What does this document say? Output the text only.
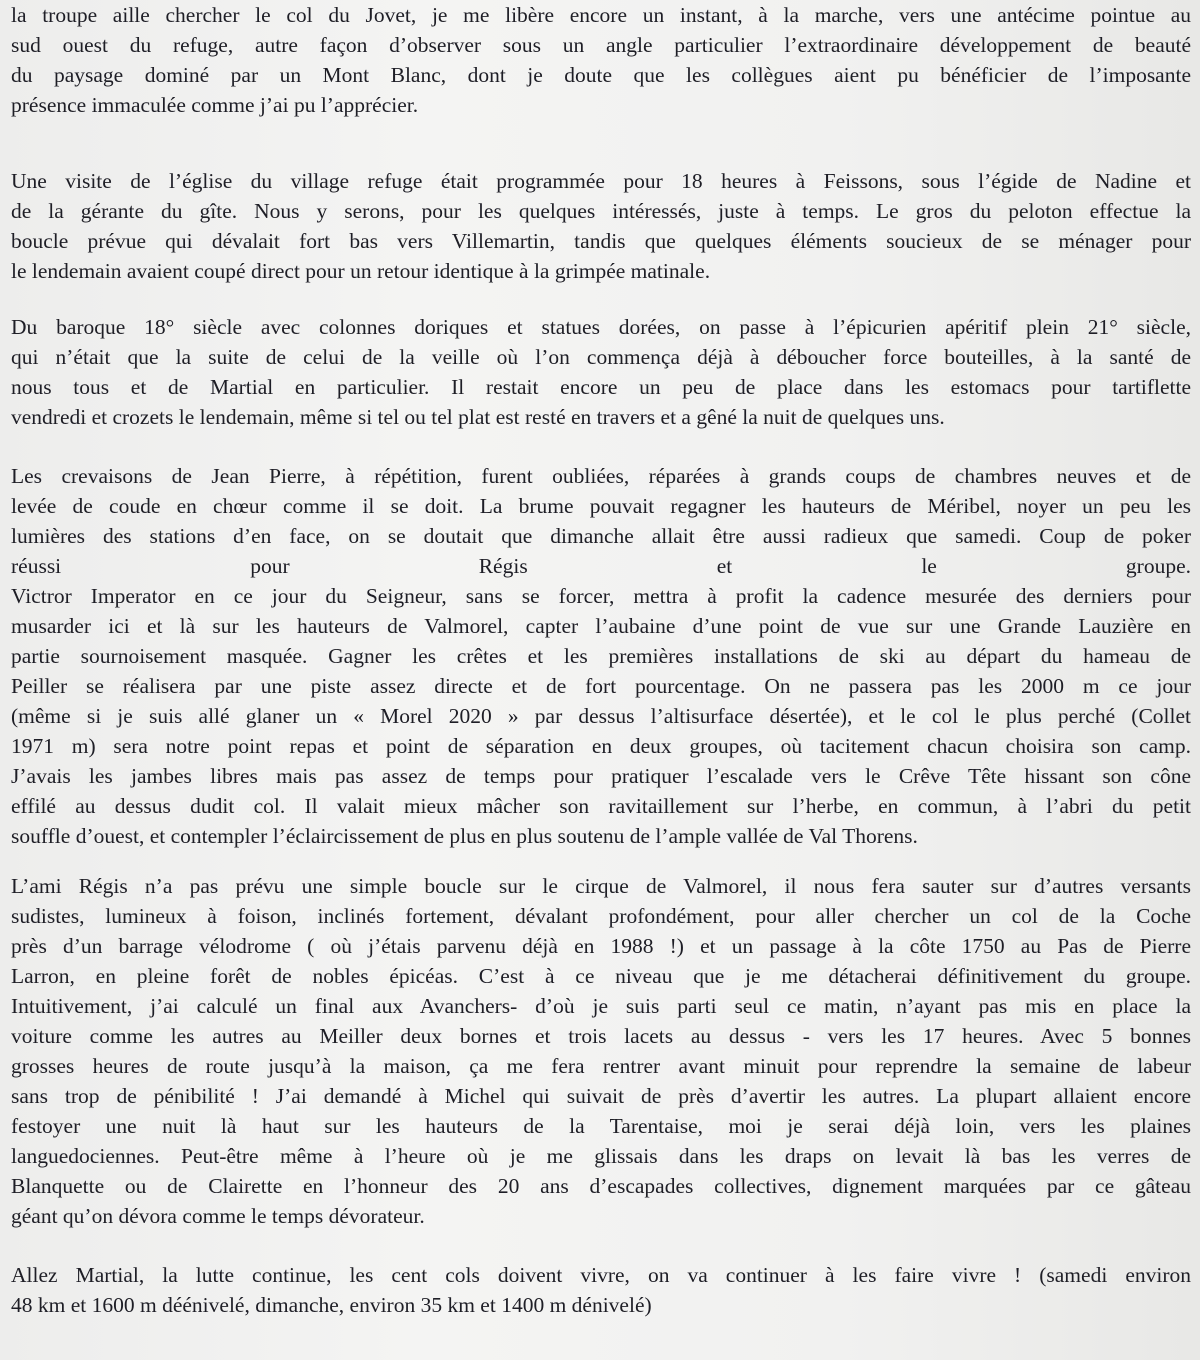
la troupe aille chercher le col du Jovet, je me libère encore un instant, à la marche, vers une antécime pointue au
sud ouest du refuge, autre façon d’observer sous un angle particulier l’extraordinaire développement de beauté
du paysage dominé par un Mont Blanc, dont je doute que les collègues aient pu bénéficier de l’imposante
présence immaculée comme j’ai pu l’apprécier.
Une visite de l’église du village refuge était programmée pour 18 heures à Feissons, sous l’égide de Nadine et
de la gérante du gîte. Nous y serons, pour les quelques intéressés, juste à temps. Le gros du peloton effectue la
boucle prévue qui dévalait fort bas vers Villemartin, tandis que quelques éléments soucieux de se ménager pour
le lendemain avaient coupé direct pour un retour identique à la grimpée matinale.
Du baroque 18° siècle avec colonnes doriques et statues dorées, on passe à l’épicurien apéritif plein 21° siècle,
qui n’était que la suite de celui de la veille où l’on commença déjà à déboucher force bouteilles, à la santé de
nous tous et de Martial en particulier. Il restait encore un peu de place dans les estomacs pour tartiflette
vendredi et crozets le lendemain, même si tel ou tel plat est resté en travers et a gêné la nuit de quelques uns.
Les crevaisons de Jean Pierre, à répétition, furent oubliées, réparées à grands coups de chambres neuves et de
levée de coude en chœur comme il se doit. La brume pouvait regagner les hauteurs de Méribel, noyer un peu les
lumières des stations d’en face, on se doutait que dimanche allait être aussi radieux que samedi. Coup de poker
réussi pour Régis et le groupe.
Victror Imperator en ce jour du Seigneur, sans se forcer, mettra à profit la cadence mesurée des derniers pour
musarder ici et là sur les hauteurs de Valmorel, capter l’aubaine d’une point de vue sur une Grande Lauzière en
partie sournoisement masquée. Gagner les crêtes et les premières installations de ski au départ du hameau de
Peiller se réalisera par une piste assez directe et de fort pourcentage. On ne passera pas les 2000 m ce jour
(même si je suis allé glaner un « Morel 2020 » par dessus l’altisurface désertée), et le col le plus perché (Collet
1971 m) sera notre point repas et point de séparation en deux groupes, où tacitement chacun choisira son camp.
J’avais les jambes libres mais pas assez de temps pour pratiquer l’escalade vers le Crêve Tête hissant son cône
effilé au dessus dudit col. Il valait mieux mâcher son ravitaillement sur l’herbe, en commun, à l’abri du petit
souffle d’ouest, et contempler l’éclaircissement de plus en plus soutenu de l’ample vallée de Val Thorens.
L’ami Régis n’a pas prévu une simple boucle sur le cirque de Valmorel, il nous fera sauter sur d’autres versants
sudistes, lumineux à foison, inclinés fortement, dévalant profondément, pour aller chercher un col de la Coche
près d’un barrage vélodrome ( où j’étais parvenu déjà en 1988 !) et un passage à la côte 1750 au Pas de Pierre
Larron, en pleine forêt de nobles épicéas. C’est à ce niveau que je me détacherai définitivement du groupe.
Intuitivement, j’ai calculé un final aux Avanchers- d’où je suis parti seul ce matin, n’ayant pas mis en place la
voiture comme les autres au Meiller deux bornes et trois lacets au dessus - vers les 17 heures. Avec 5 bonnes
grosses heures de route jusqu’à la maison, ça me fera rentrer avant minuit pour reprendre la semaine de labeur
sans trop de pénibilité ! J’ai demandé à Michel qui suivait de près d’avertir les autres. La plupart allaient encore
festoyer une nuit là haut sur les hauteurs de la Tarentaise, moi je serai déjà loin, vers les plaines
languedociennes. Peut-être même à l’heure où je me glissais dans les draps on levait là bas les verres de
Blanquette ou de Clairette en l’honneur des 20 ans d’escapades collectives, dignement marquées par ce gâteau
géant qu’on dévora comme le temps dévorateur.
Allez Martial, la lutte continue, les cent cols doivent vivre, on va continuer à les faire vivre ! (samedi environ
48 km et 1600 m déénivelé, dimanche, environ 35 km et 1400 m dénivelé)
